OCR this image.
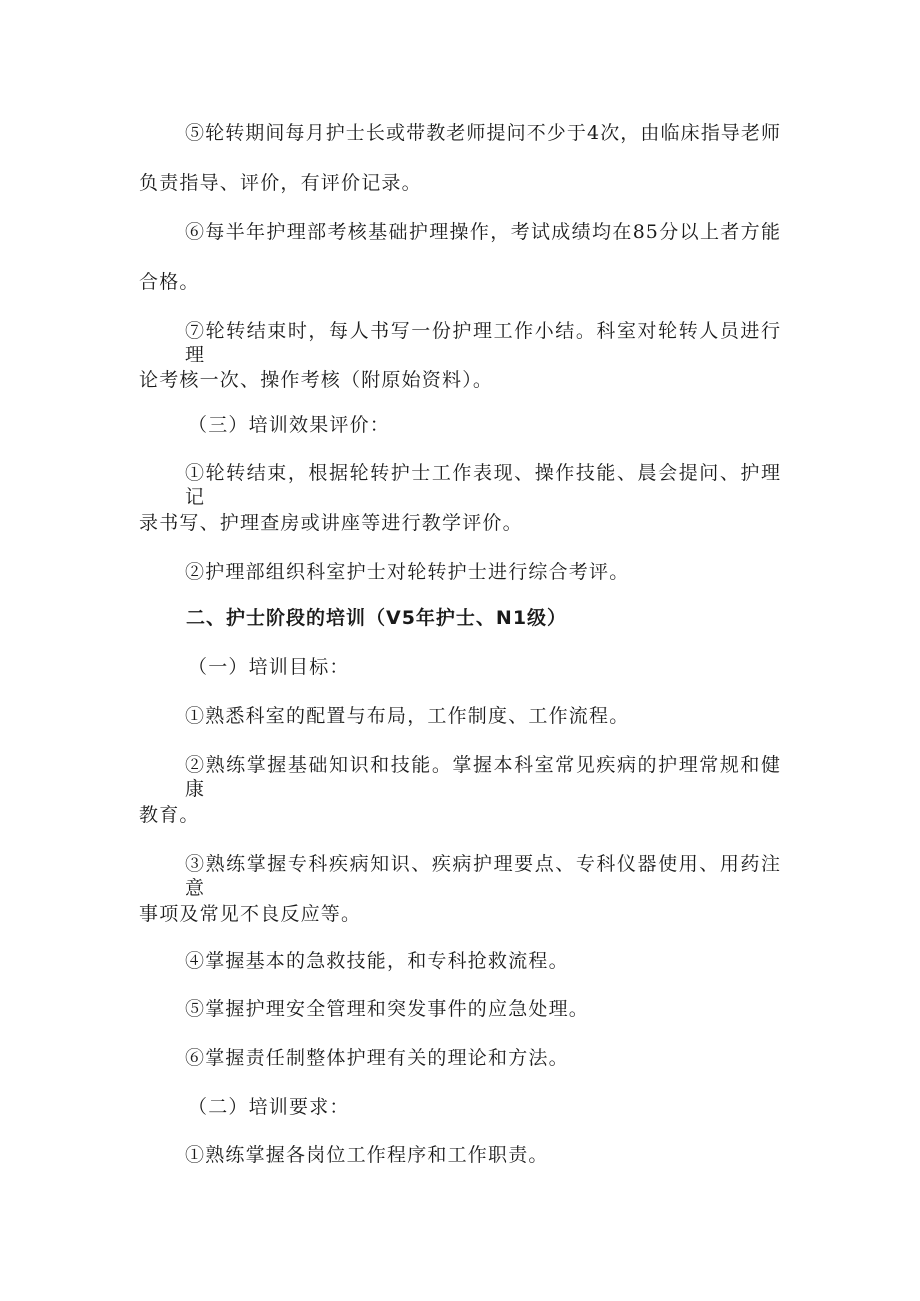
⑤轮转期间每月护士长或带教老师提问不少于4次，由临床指导老师
负责指导、评价，有评价记录。
⑥每半年护理部考核基础护理操作，考试成绩均在85分以上者方能
合格。
⑦轮转结束时，每人书写一份护理工作小结。科室对轮转人员进行理
论考核一次、操作考核（附原始资料）。
（三）培训效果评价：
①轮转结束，根据轮转护士工作表现、操作技能、晨会提问、护理记
录书写、护理查房或讲座等进行教学评价。
②护理部组织科室护士对轮转护士进行综合考评。
二、护士阶段的培训（V5年护士、N1级）
（一）培训目标：
①熟悉科室的配置与布局，工作制度、工作流程。
②熟练掌握基础知识和技能。掌握本科室常见疾病的护理常规和健康
教育。
③熟练掌握专科疾病知识、疾病护理要点、专科仪器使用、用药注意
事项及常见不良反应等。
④掌握基本的急救技能，和专科抢救流程。
⑤掌握护理安全管理和突发事件的应急处理。
⑥掌握责任制整体护理有关的理论和方法。
（二）培训要求：
①熟练掌握各岗位工作程序和工作职责。
